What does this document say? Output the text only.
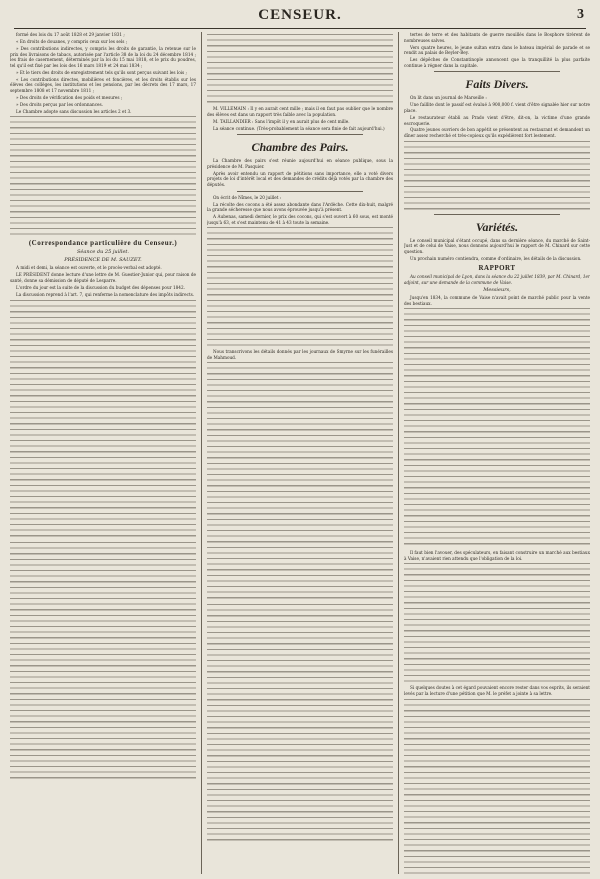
CENSEUR.	3

formé des lois du 17 août 1828 et 29 janvier 1831 ;

« En droits de douanes, y compris ceux sur les sels ;

» Des contributions indirectes, y compris les droits de garantie, la retenue sur le prix des livraisons de tabacs, autorisée par l'article 38 de la loi du 24 décembre 1814 ; les frais de casernement, déterminés par la loi du 15 mai 1818, et le prix du poudres, tel qu'il est fixé par les lois des 16 mars 1819 et 24 mai 1834 ;

» Et le tiers des droits de enregistrement tels qu'ils sont perçus suivant les lois ;

« Les contributions directes, mobilières et foncières, et les droits établis sur les élèves des collèges, les institutions et les pensions, par les décrets des 17 mars, 17 septembre 1808 et 17 novembre 1811 ;

» Des droits de vérification des poids et mesures ;

» Des droits perçus par les ordonnances.

Le Chambre adopte sans discussion les articles 2 et 3.

(Correspondance particulière du Censeur.)
Séance du 25 juillet.
PRÉSIDENCE DE M. SAUZET.

A midi et demi, la séance est ouverte, et le procès-verbal est adopté.

LE PRÉSIDENT donne lecture d'une lettre de M. Guestier-Junior qui, pour raison de santé, donne sa démission de député de Lesparre.

L'ordre du jour est la suite de la discussion du budget des dépenses pour 1842.

La discussion reprend à l'art. 7, qui renferme la nomenclature des impôts indirects.

M. VILLEMAIN : Il y en aurait cent mille ; mais il en faut pas oublier que le nombre des élèves est dans un rapport très faible avec la population.

M. TAILLANDIER : Sans l'impôt il y en aurait plus de cent mille.

La séance continue. (Très-probablement la séance sera finie de fait aujourd'hui.)

Chambre des Pairs.

La Chambre des pairs s'est réunie aujourd'hui en séance publique, sous la présidence de M. Pasquier.

Après avoir entendu un rapport de pétitions sans importance, elle a voté divers projets de loi d'intérêt local et des demandes de crédits déjà votés par la chambre des députés.

On écrit de Nîmes, le 20 juillet :

La récolte des cocons a été assez abondante dans l'Ardèche. Cette dix-huit, malgré la grande sécheresse que nous avons éprouvée jusqu'à présent.

A Aubenas, samedi dernier, le prix des cocons, qui s'est ouvert à 60 sous, est monté jusqu'à 63, et s'est maintenu de 41 à 43 toute la semaine.

Nous transcrivons les détails donnés par les journaux de Smyrne sur les funérailles de Mahmoud.

tertes de terre et des habitants de guerre mouillés dans le Bosphore tirèrent de nombreuses salves.

Vers quatre heures, le jeune sultan entra dans le bateau impérial de parade et se rendit au palais de Beyler-Bey.

Les dépêches de Constantinople annoncent que la tranquillité la plus parfaite continue à régner dans la capitale.

Faits Divers.

On lit dans un journal de Marseille :

Une faillite dont le passif est évalué à 900,000 f. vient d'être signalée hier sur notre place.

Le restaurateur établi au Prado vient d'être, dit-on, la victime d'une grande escroquerie.

Quatre jeunes ouvriers de bon appétit se présentent au restaurant et demandent un dîner assez recherché et très-copieux qu'ils expédièrent fort lestement.

Variétés.

Le conseil municipal s'étant occupé, dans sa dernière séance, du marché de Saint-Just et de celui de Vaise, nous donnons aujourd'hui le rapport de M. Chinard sur cette question.

Un prochain numéro contiendra, comme d'ordinaire, les détails de la discussion.

RAPPORT

Au conseil municipal de Lyon, dans la séance du 22 juillet 1839, par M. Chinard, 1er adjoint, sur une demande de la commune de Vaise.

Messieurs,

Jusqu'en 1834, la commune de Vaise n'avait point de marché public pour la vente des bestiaux.

Il faut bien l'avouer, des spéculateurs, en faisant construire un marché aux bestiaux à Vaise, n'avaient rien attendu que l'obligation de la loi.

Si quelques doutes à cet égard pouvaient encore rester dans vos esprits, ils seraient levés par la lecture d'une pétition que M. le préfet a jointe à sa lettre.
